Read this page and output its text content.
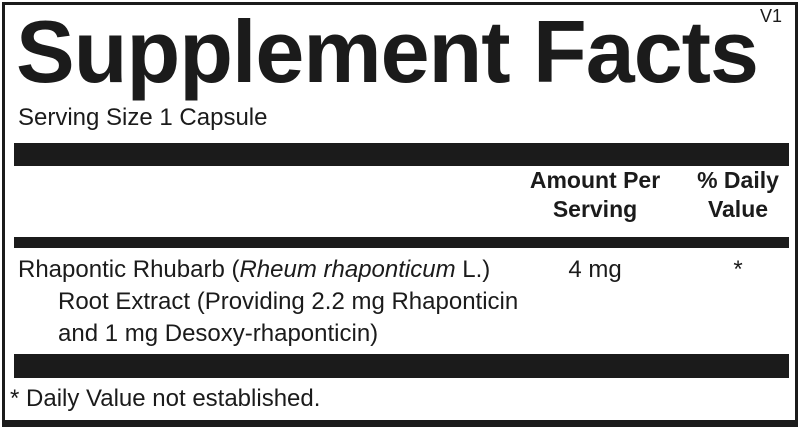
V1
Supplement Facts
Serving Size 1 Capsule
Amount Per
Serving
% Daily
Value
Rhapontic Rhubarb (Rheum rhaponticum L.)
Root Extract (Providing 2.2 mg Rhaponticin
and 1 mg Desoxy-rhaponticin)
4 mg	*
* Daily Value not established.
